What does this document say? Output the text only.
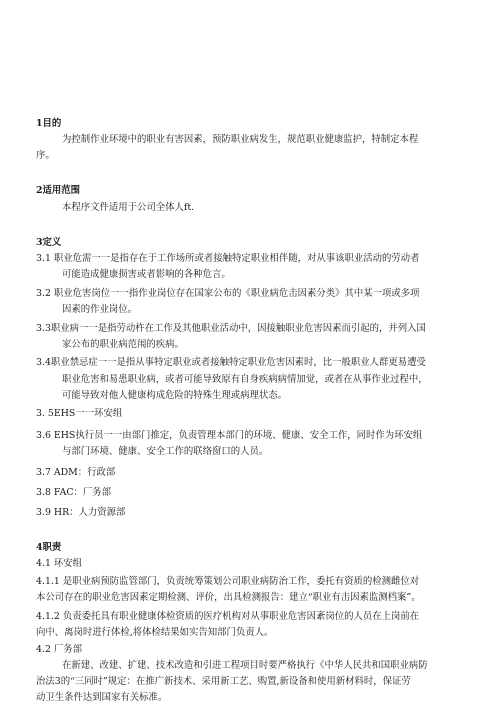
1目的
为控制作业环境中的职业有害因素，预防职业病发生，规范职业健康监护，特制定本程
序。
2适用范围
本程序文件适用于公司全体人ft.
3定义
3.1 职业危需一一是指存在于工作场所或者接触特定职业相伴随，对从事该职业活动的劳动者
可能造成健康损害或者影响的各种危言。
3.2 职业危害岗位一一指作业岗位存在国家公布的《职业病危击因素分类》其中某一项或多项
因素的作业岗位。
3.3职业病一一是指劳动杵在工作及其他职业活动中，因接触职业危害因素而引起的，并列入国
家公布的职业病范闱的疾病。
3.4职业禁忌症一一是指从事特定职业或者接触特定职业危害因素时，比一般职业人群更易遭受
职业危害和易患职业病，或者可能导致原有自身疾病病情加觉，或者在从事作业过程中，
可能导致对他人健康构成危险的特殊生理或病理状态。
3. 5EHS一一环安组
3.6 EHS执行员一一由部门推定，负责管理本部门的环境、健康、安全工作，同时作为环安组
与部门环境、健康、安全工作的联络窗口的人员。
3.7 ADM：行政部
3.8 FAC：厂务部
3.9 HR：人力资源部
4职责
4.1 环安组
4.1.1 是职业病预防监管部门，负责统筹策划公司职业病防治工作，委托有资质的检测雌位对
本公司存在的职业危害因素定期检测、评价，出具检测报告：建立“职业有击因素监测档案”。
4.1.2 负责委托具有职业健康体检资质的医疗机构对从事职业危害因紊岗位的人员在上岗前在
向中、离岗时进行体检,将体检结果如实告知部门负责人。
4.2 厂务部
在新建、改建、扩建、技术改造和引进工程项目时要严格执行《中华人民共和国职业病防
治法3的“三同时”规定：在推广新技术、采用新工艺、购置,新设备和使用新材料时，保证劳
动卫生条件达到国家有关标准。
